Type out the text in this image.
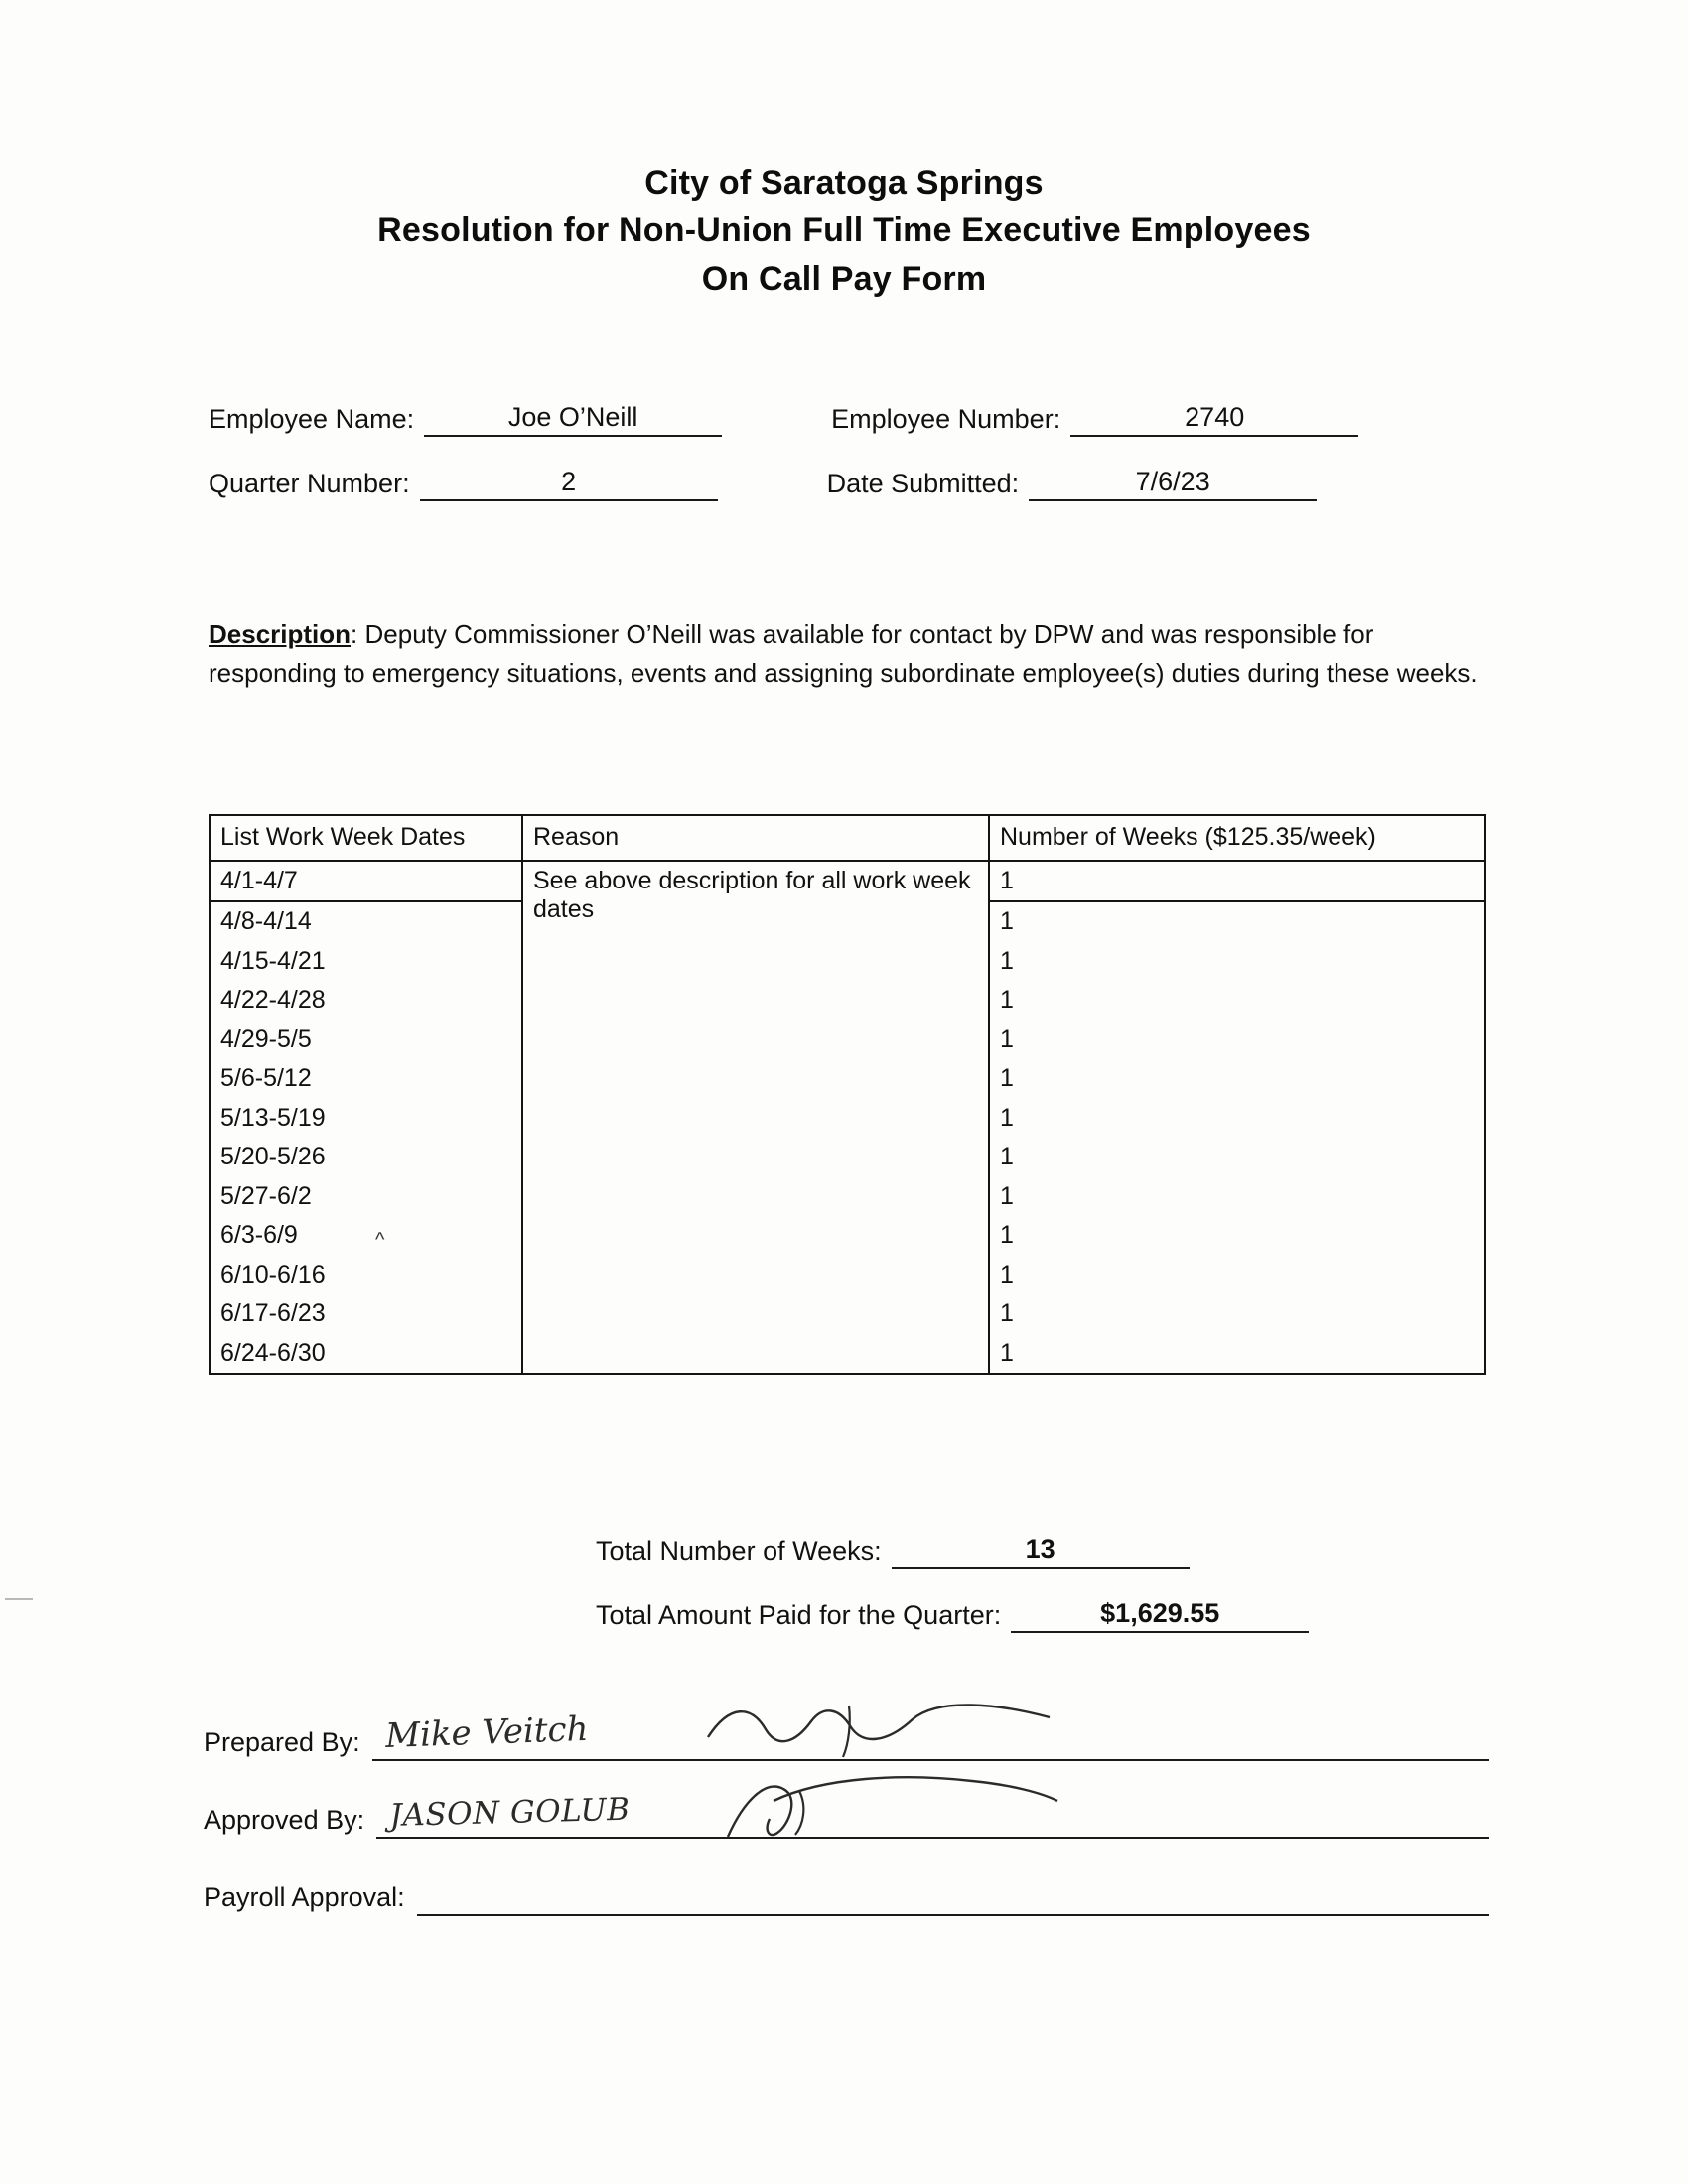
City of Saratoga Springs
Resolution for Non-Union Full Time Executive Employees
On Call Pay Form
Employee Name:	Joe O’Neill	Employee Number:	2740
Quarter Number:	2	Date Submitted:	7/6/23
Description: Deputy Commissioner O’Neill was available for contact by DPW and was responsible for responding to emergency situations, events and assigning subordinate employee(s) duties during these weeks.
List Work Week Dates	Reason	Number of Weeks ($125.35/week)
4/1-4/7	See above description for all work week dates	1
4/8-4/14		1
4/15-4/21		1
4/22-4/28		1
4/29-5/5		1
5/6-5/12		1
5/13-5/19		1
5/20-5/26		1
5/27-6/2		1
6/3-6/9		1
6/10-6/16		1
6/17-6/23		1
6/24-6/30		1
^
Total Number of Weeks:	13
Total Amount Paid for the Quarter:	$1,629.55
Prepared By: Mike Veitch
Approved By: JASON GOLUB
Payroll Approval:
